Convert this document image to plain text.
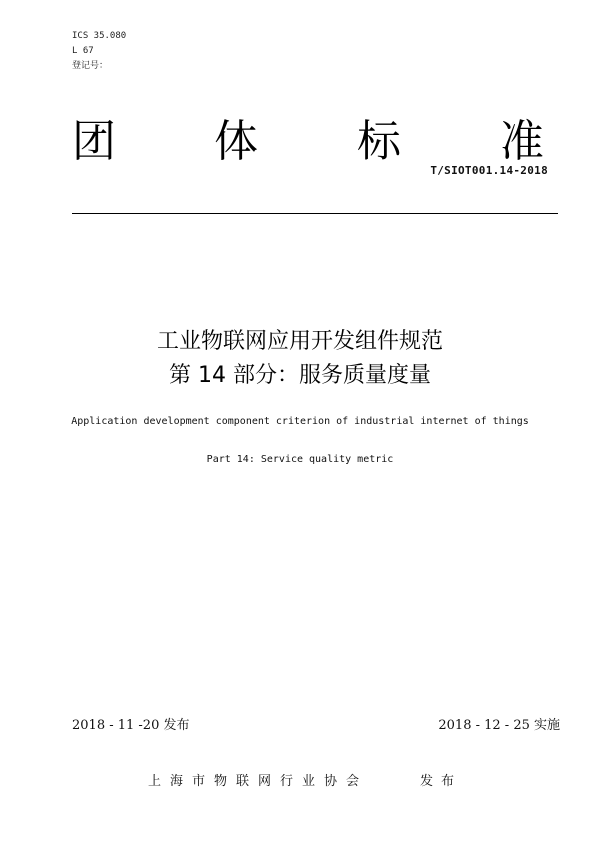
ICS 35.080
L 67
登记号：
团 体 标 准
T/SIOT001.14-2018
工业物联网应用开发组件规范
第 14 部分：服务质量度量
Application development component criterion of industrial internet of things
Part 14: Service quality metric
2018 - 11 -20 发布	2018 - 12 - 25 实施
上海市物联网行业协会	发布
